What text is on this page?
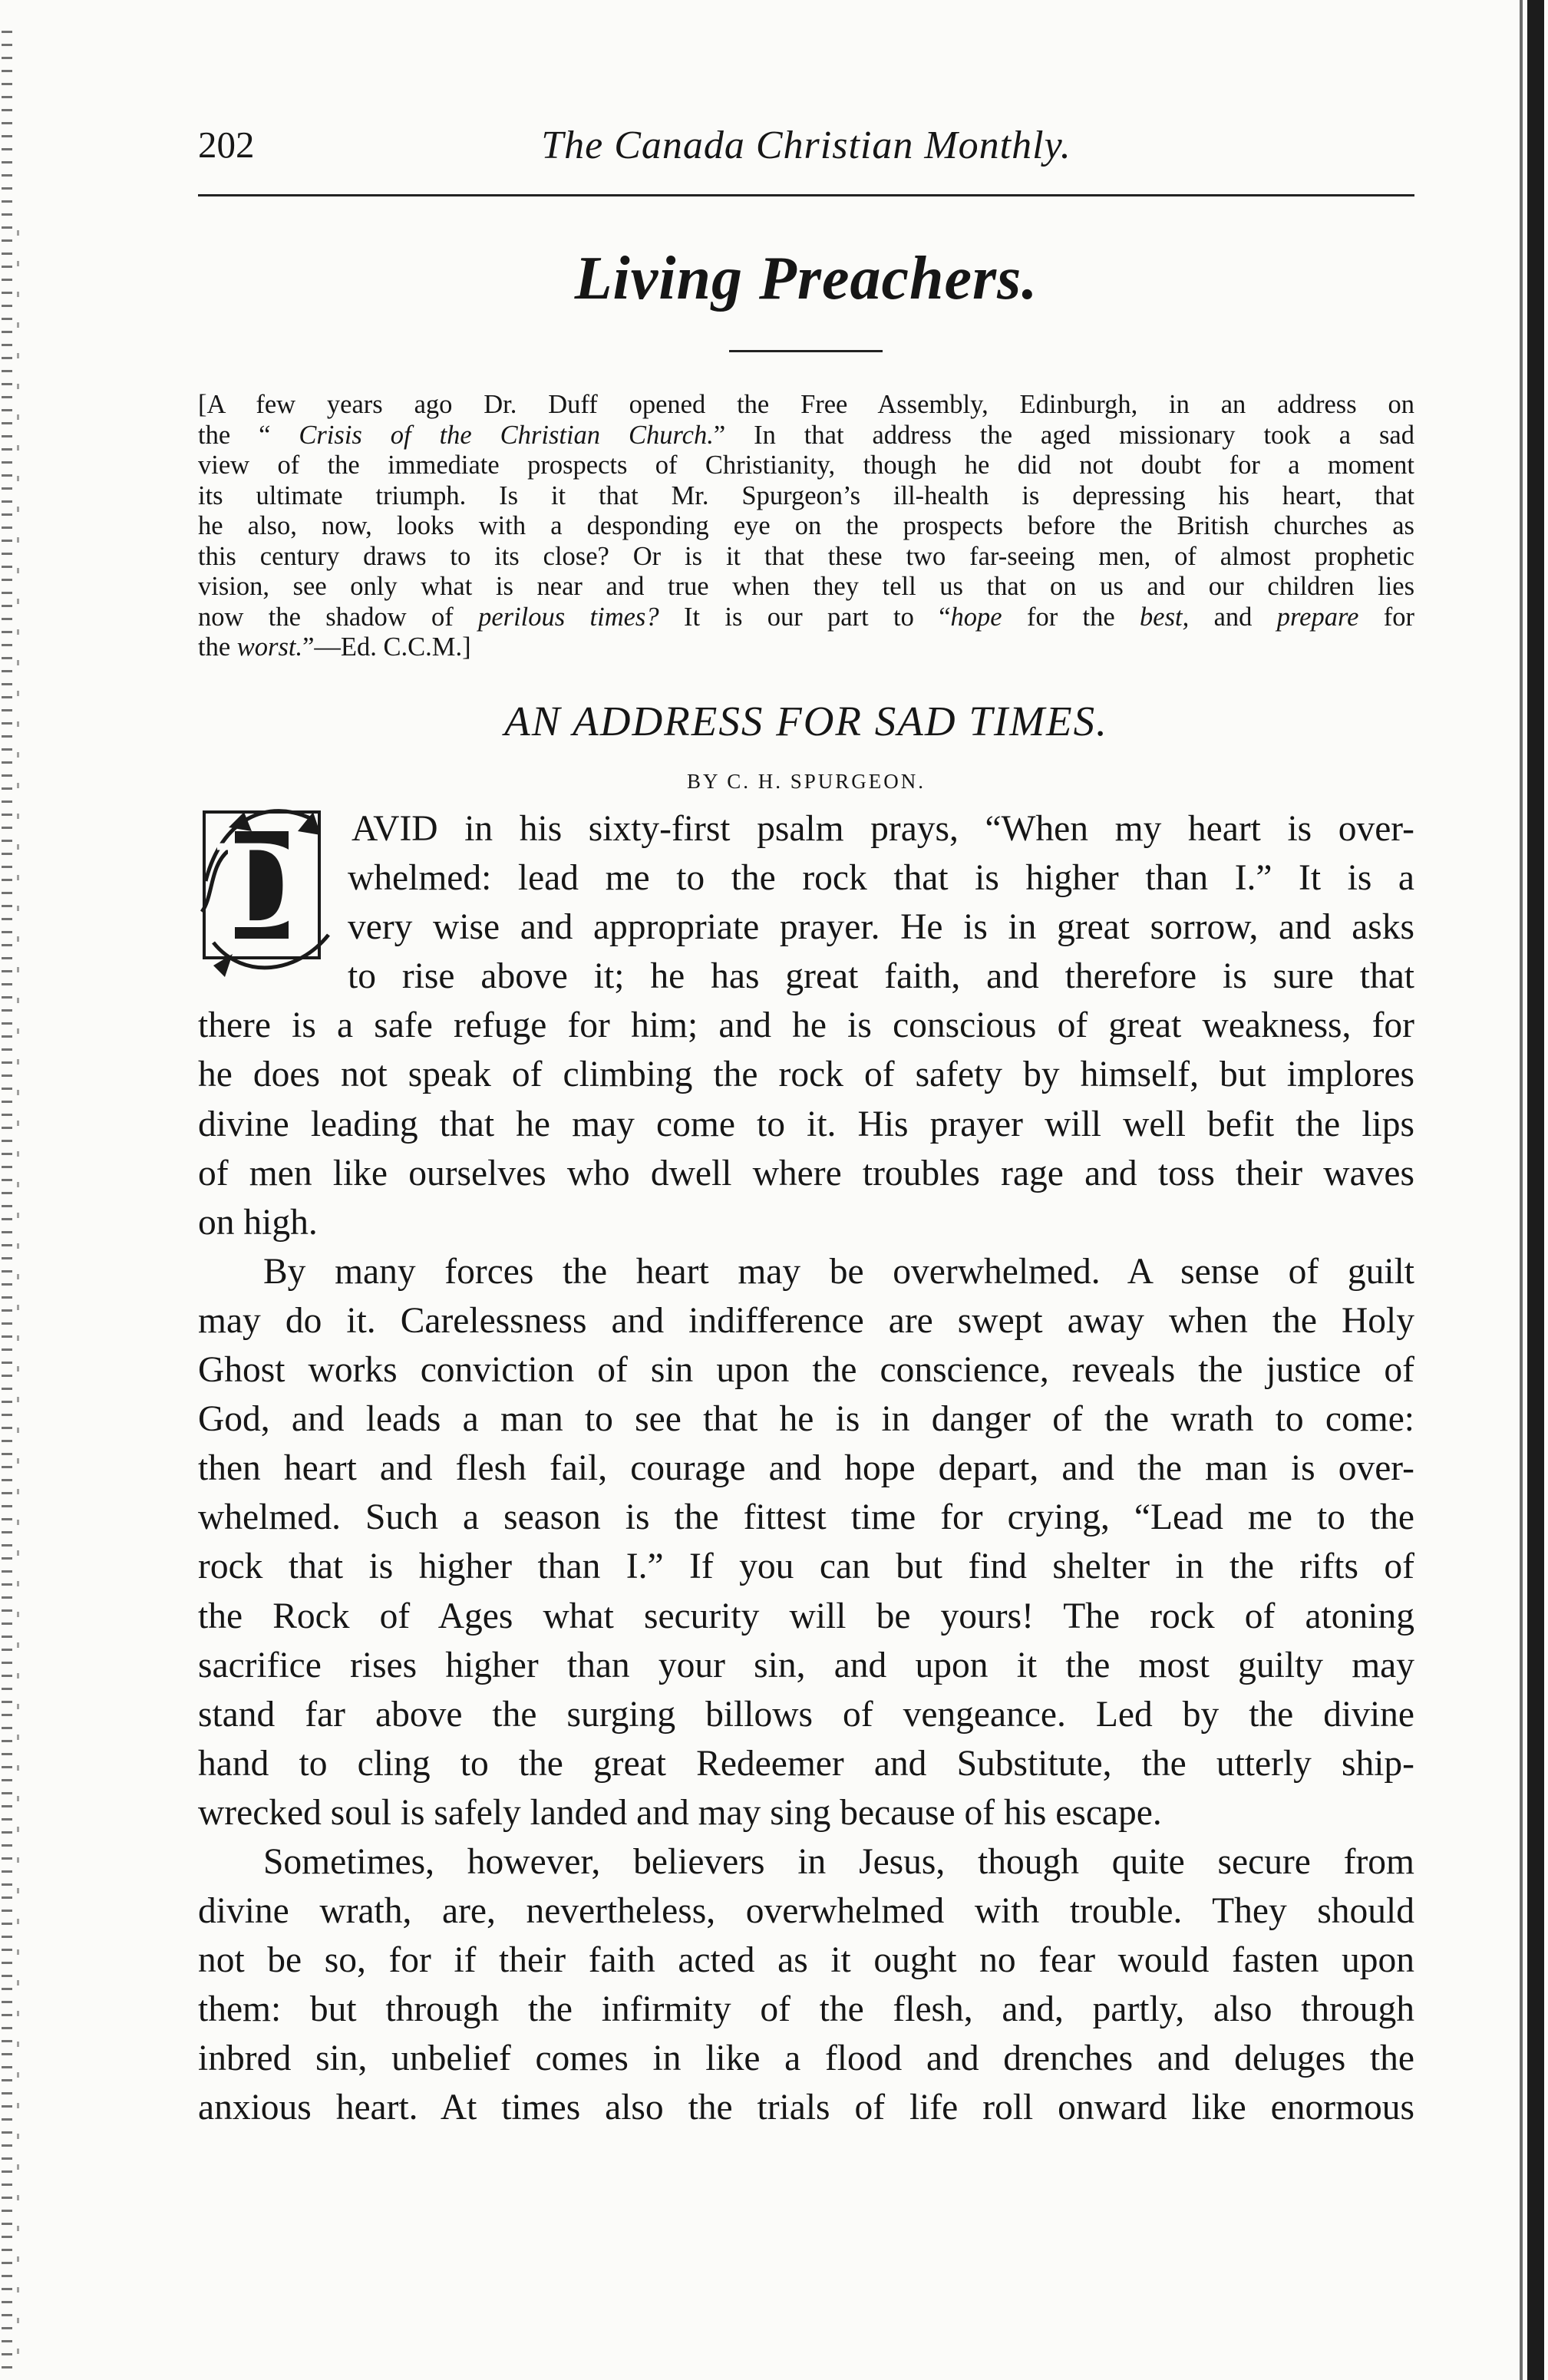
202	The Canada Christian Monthly.
Living Preachers.
[A few years ago Dr. Duff opened the Free Assembly, Edinburgh, in an address on
the “ Crisis of the Christian Church.” In that address the aged missionary took a sad
view of the immediate prospects of Christianity, though he did not doubt for a moment
its ultimate triumph. Is it that Mr. Spurgeon’s ill-health is depressing his heart, that
he also, now, looks with a desponding eye on the prospects before the British churches as
this century draws to its close? Or is it that these two far-seeing men, of almost prophetic
vision, see only what is near and true when they tell us that on us and our children lies
now the shadow of perilous times? It is our part to “hope for the best, and prepare for
the worst.”—Ed. C.C.M.]
AN ADDRESS FOR SAD TIMES.
BY C. H. SPURGEON.
D	AVID in his sixty-first psalm prays, “When my heart is over-
whelmed: lead me to the rock that is higher than I.” It is a
very wise and appropriate prayer. He is in great sorrow, and asks
to rise above it; he has great faith, and therefore is sure that
there is a safe refuge for him; and he is conscious of great weakness, for
he does not speak of climbing the rock of safety by himself, but implores
divine leading that he may come to it. His prayer will well befit the lips
of men like ourselves who dwell where troubles rage and toss their waves
on high.
By many forces the heart may be overwhelmed. A sense of guilt
may do it. Carelessness and indifference are swept away when the Holy
Ghost works conviction of sin upon the conscience, reveals the justice of
God, and leads a man to see that he is in danger of the wrath to come:
then heart and flesh fail, courage and hope depart, and the man is over-
whelmed. Such a season is the fittest time for crying, “Lead me to the
rock that is higher than I.” If you can but find shelter in the rifts of
the Rock of Ages what security will be yours! The rock of atoning
sacrifice rises higher than your sin, and upon it the most guilty may
stand far above the surging billows of vengeance. Led by the divine
hand to cling to the great Redeemer and Substitute, the utterly ship-
wrecked soul is safely landed and may sing because of his escape.
Sometimes, however, believers in Jesus, though quite secure from
divine wrath, are, nevertheless, overwhelmed with trouble. They should
not be so, for if their faith acted as it ought no fear would fasten upon
them: but through the infirmity of the flesh, and, partly, also through
inbred sin, unbelief comes in like a flood and drenches and deluges the
anxious heart. At times also the trials of life roll onward like enormous
